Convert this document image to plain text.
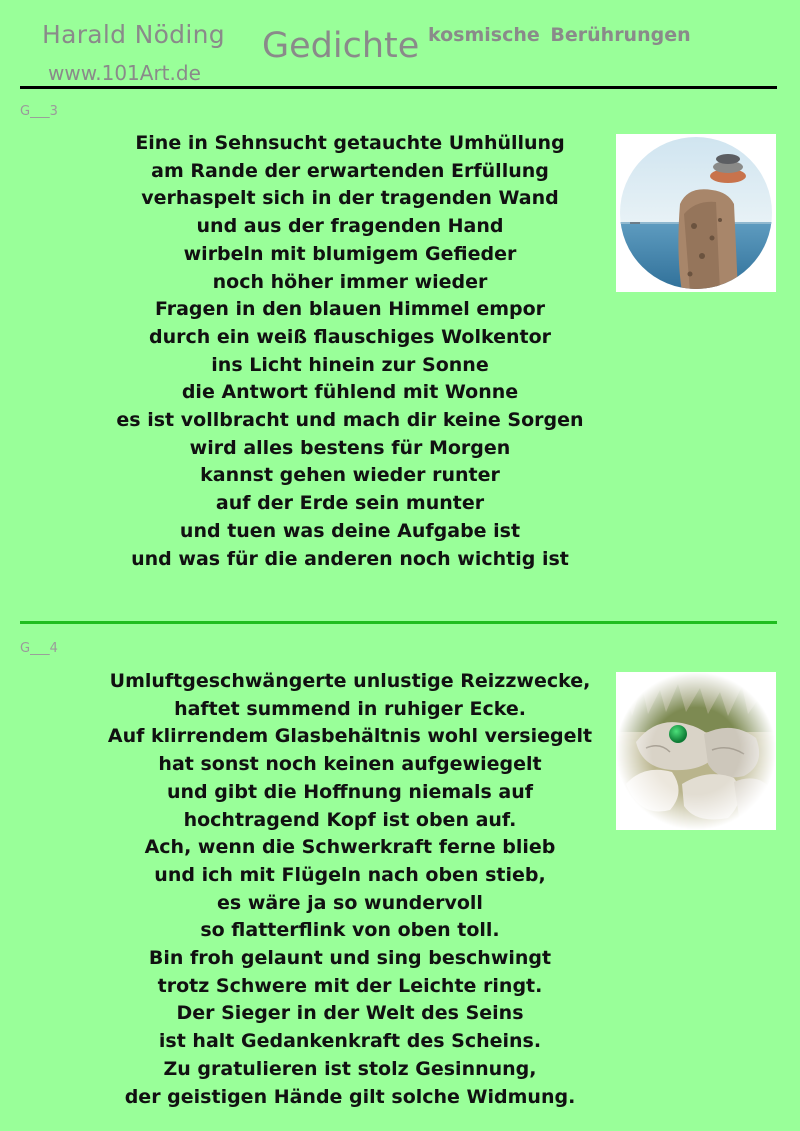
Harald Nöding
www.101Art.de
Gedichte kosmische Berührungen
G___3
Eine in Sehnsucht getauchte Umhüllung
am Rande der erwartenden Erfüllung
verhaspelt sich in der tragenden Wand
und aus der fragenden Hand
wirbeln mit blumigem Gefieder
noch höher immer wieder
Fragen in den blauen Himmel empor
durch ein weiß flauschiges Wolkentor
ins Licht hinein zur Sonne
die Antwort fühlend mit Wonne
es ist vollbracht und mach dir keine Sorgen
wird alles bestens für Morgen
kannst gehen wieder runter
auf der Erde sein munter
und tuen was deine Aufgabe ist
und was für die anderen noch wichtig ist
G___4
Umluftgeschwängerte unlustige Reizzwecke,
haftet summend in ruhiger Ecke.
Auf klirrendem Glasbehältnis wohl versiegelt
hat sonst noch keinen aufgewiegelt
und gibt die Hoffnung niemals auf
hochtragend Kopf ist oben auf.
Ach, wenn die Schwerkraft ferne blieb
und ich mit Flügeln nach oben stieb,
es wäre ja so wundervoll
so flatterflink von oben toll.
Bin froh gelaunt und sing beschwingt
trotz Schwere mit der Leichte ringt.
Der Sieger in der Welt des Seins
ist halt Gedankenkraft des Scheins.
Zu gratulieren ist stolz Gesinnung,
der geistigen Hände gilt solche Widmung.
